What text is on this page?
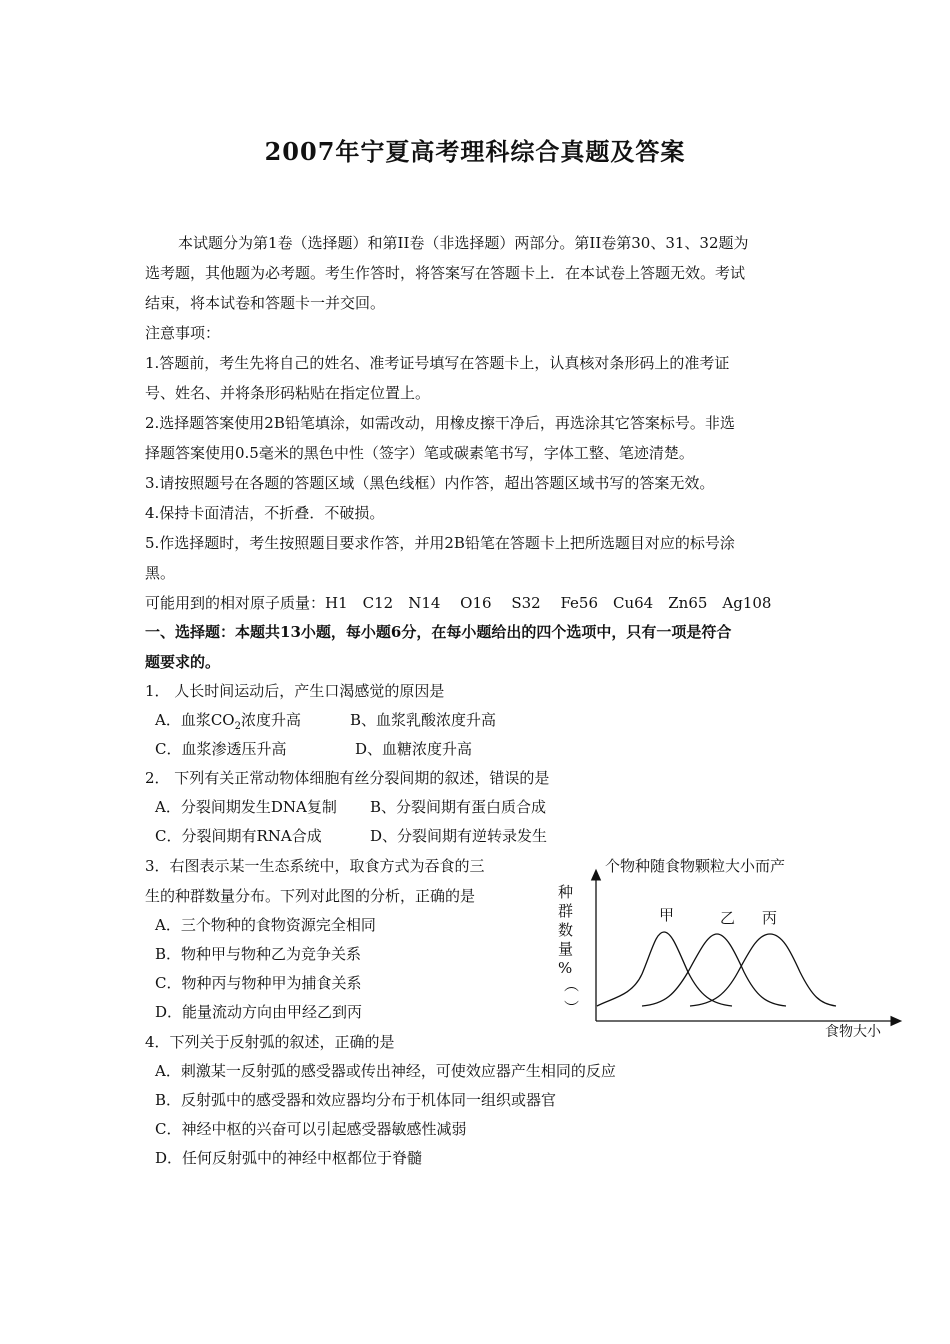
2007年宁夏高考理科综合真题及答案
本试题分为第1卷（选择题）和第II卷（非选择题）两部分。第II卷第30、31、32题为
选考题，其他题为必考题。考生作答时，将答案写在答题卡上．在本试卷上答题无效。考试
结束，将本试卷和答题卡一并交回。
注意事项：
1.答题前，考生先将自己的姓名、准考证号填写在答题卡上，认真核对条形码上的准考证
号、姓名、并将条形码粘贴在指定位置上。
2.选择题答案使用2B铅笔填涂，如需改动，用橡皮擦干净后，再选涂其它答案标号。非选
择题答案使用0.5毫米的黑色中性（签字）笔或碳素笔书写，字体工整、笔迹清楚。
3.请按照题号在各题的答题区域（黑色线框）内作答，超出答题区域书写的答案无效。
4.保持卡面清洁，不折叠．不破损。
5.作选择题时，考生按照题目要求作答，并用2B铅笔在答题卡上把所选题目对应的标号涂
黑。
可能用到的相对原子质量：H1　C12　N14　 O16　 S32　 Fe56　Cu64　Zn65　Ag108
一、选择题：本题共13小题，每小题6分，在每小题给出的四个选项中，只有一项是符合
题要求的。
1． 人长时间运动后，产生口渴感觉的原因是
A．血浆$CO_2$浓度升高	B、血浆乳酸浓度升高
C．血浆渗透压升高	D、血糖浓度升高
2． 下列有关正常动物体细胞有丝分裂间期的叙述，错误的是
A．分裂间期发生DNA复制 B、分裂间期有蛋白质合成
C．分裂间期有RNA合成	D、分裂间期有逆转录发生
3．右图表示某一生态系统中，取食方式为吞食的三	个物种随食物颗粒大小而产
生的种群数量分布。下列对此图的分析，正确的是
A．三个物种的食物资源完全相同
B．物种甲与物种乙为竞争关系
C．物种丙与物种甲为捕食关系
D．能量流动方向由甲经乙到丙
种
群
数
量
%
︵
︶
甲	乙 丙
食物大小
4．下列关于反射弧的叙述，正确的是
A．刺激某一反射弧的感受器或传出神经，可使效应器产生相同的反应
B．反射弧中的感受器和效应器均分布于机体同一组织或器官
C．神经中枢的兴奋可以引起感受器敏感性减弱
D．任何反射弧中的神经中枢都位于脊髓
